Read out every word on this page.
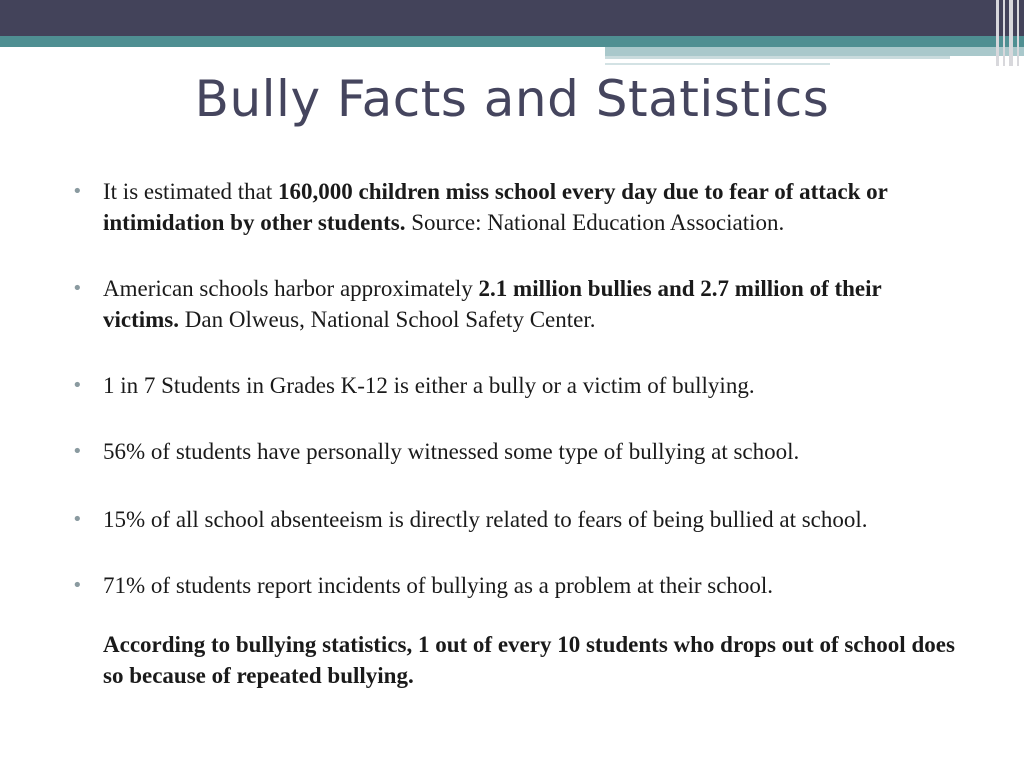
Bully Facts and Statistics
• It is estimated that 160,000 children miss school every day due to fear of attack or intimidation by other students. Source: National Education Association.
• American schools harbor approximately 2.1 million bullies and 2.7 million of their victims. Dan Olweus, National School Safety Center.
• 1 in 7 Students in Grades K-12 is either a bully or a victim of bullying.
• 56% of students have personally witnessed some type of bullying at school.
• 15% of all school absenteeism is directly related to fears of being bullied at school.
• 71% of students report incidents of bullying as a problem at their school.
According to bullying statistics, 1 out of every 10 students who drops out of school does so because of repeated bullying.
